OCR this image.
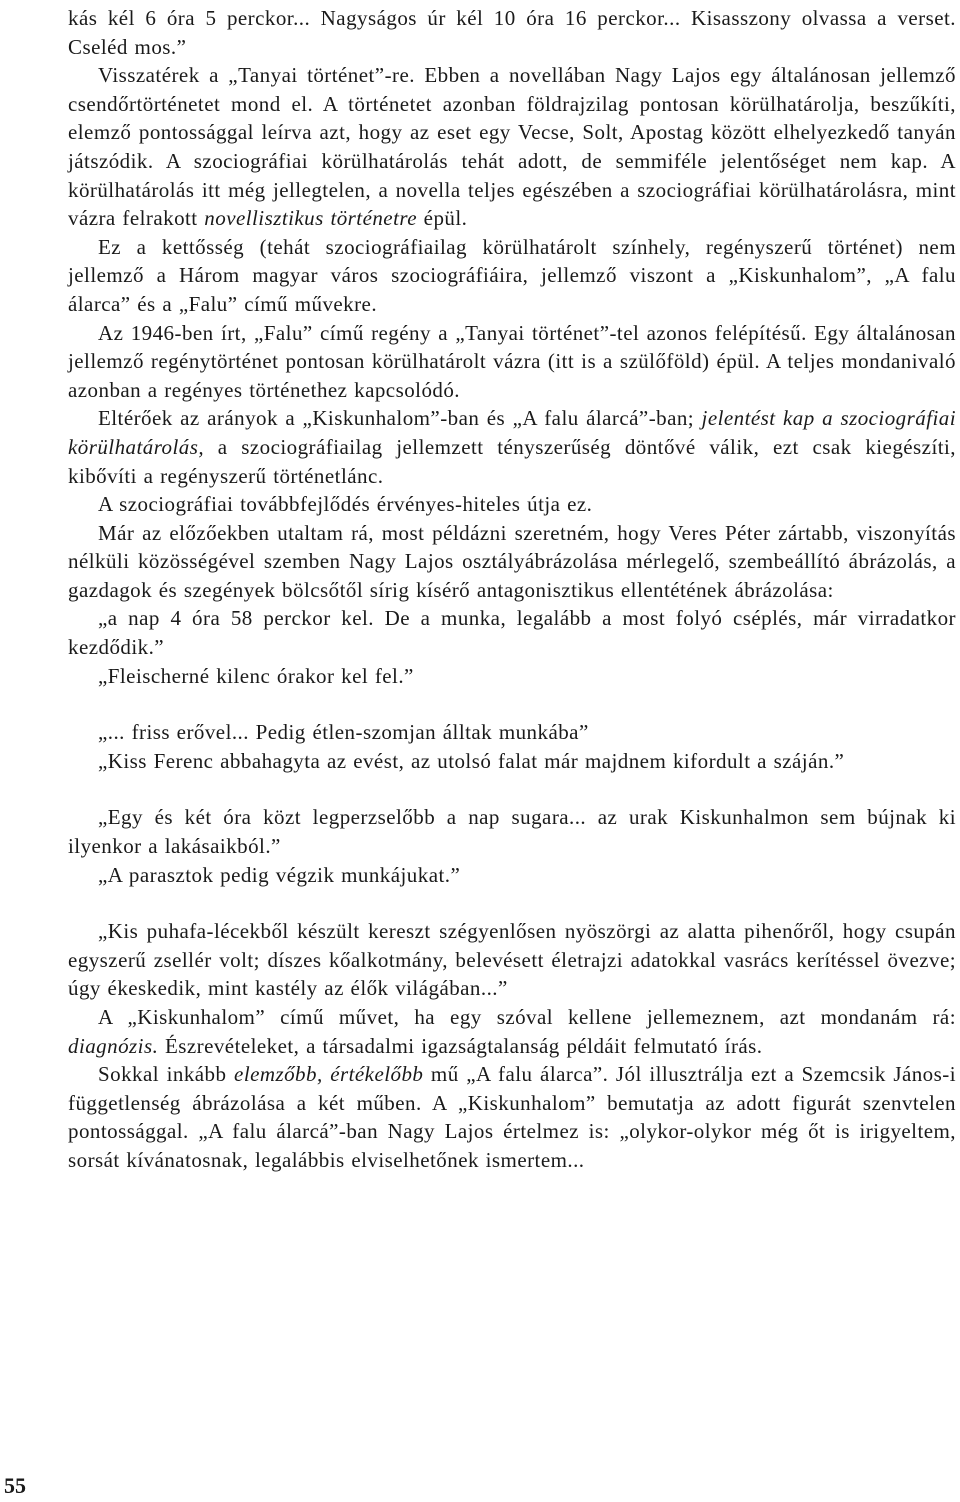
kás kél 6 óra 5 perckor... Nagyságos úr kél 10 óra 16 perckor... Kisasszony olvassa a verset. Cseléd mos.”

Visszatérek a „Tanyai történet”-re. Ebben a novellában Nagy Lajos egy általánosan jellemző csendőrtörténetet mond el. A történetet azonban földrajzilag pontosan körülhatárolja, beszűkíti, elemző pontossággal leírva azt, hogy az eset egy Vecse, Solt, Apostag között elhelyezkedő tanyán játszódik. A szociográfiai körülhatárolás tehát adott, de semmiféle jelentőséget nem kap. A körülhatárolás itt még jellegtelen, a novella teljes egészében a szociográfiai körülhatárolásra, mint vázra felrakott novellisztikus történetre épül.

Ez a kettősség (tehát szociográfiailag körülhatárolt színhely, regényszerű történet) nem jellemző a Három magyar város szociográfiáira, jellemző viszont a „Kiskunhalom”, „A falu álarca” és a „Falu” című művekre.

Az 1946-ben írt, „Falu” című regény a „Tanyai történet”-tel azonos felépítésű. Egy általánosan jellemző regénytörténet pontosan körülhatárolt vázra (itt is a szülőföld) épül. A teljes mondanivaló azonban a regényes történethez kapcsolódó.

Eltérőek az arányok a „Kiskunhalom”-ban és „A falu álarcá”-ban; jelentést kap a szociográfiai körülhatárolás, a szociográfiailag jellemzett tényszerűség döntővé válik, ezt csak kiegészíti, kibővíti a regényszerű történetlánc.

A szociográfiai továbbfejlődés érvényes-hiteles útja ez.

Már az előzőekben utaltam rá, most példázni szeretném, hogy Veres Péter zártabb, viszonyítás nélküli közösségével szemben Nagy Lajos osztályábrázolása mérlegelő, szembeállító ábrázolás, a gazdagok és szegények bölcsőtől sírig kísérő antagonisztikus ellentétének ábrázolása:

„a nap 4 óra 58 perckor kel. De a munka, legalább a most folyó cséplés, már virradatkor kezdődik.”

„Fleischerné kilenc órakor kel fel.”

„... friss erővel... Pedig étlen-szomjan álltak munkába”

„Kiss Ferenc abbahagyta az evést, az utolsó falat már majdnem kifordult a száján.”

„Egy és két óra közt legperzselőbb a nap sugara... az urak Kiskunhalmon sem bújnak ki ilyenkor a lakásaikból.”

„A parasztok pedig végzik munkájukat.”

„Kis puhafa-lécekből készült kereszt szégyenlősen nyöszörgi az alatta pihenőről, hogy csupán egyszerű zsellér volt; díszes kőalkotmány, belevésett életrajzi adatokkal vasrács kerítéssel övezve; úgy ékeskedik, mint kastély az élők világában...”

A „Kiskunhalom” című művet, ha egy szóval kellene jellemeznem, azt mondanám rá: diagnózis. Észrevételeket, a társadalmi igazságtalanság példáit felmutató írás.

Sokkal inkább elemzőbb, értékelőbb mű „A falu álarca”. Jól illusztrálja ezt a Szemcsik János-i függetlenség ábrázolása a két műben. A „Kiskunhalom” bemutatja az adott figurát szenvtelen pontossággal. „A falu álarcá”-ban Nagy Lajos értelmez is: „olykor-olykor még őt is irigyeltem, sorsát kívánatosnak, legalábbis elviselhetőnek ismertem...

55
